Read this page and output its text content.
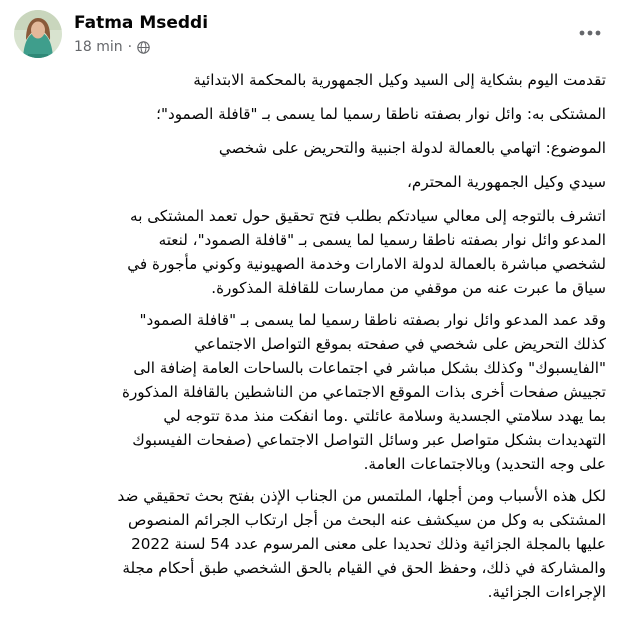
Fatma Mseddi
18 min ·
تقدمت اليوم بشكاية إلى السيد وكيل الجمهورية بالمحكمة الابتدائية
المشتكى به: وائل نوار بصفته ناطقا رسميا لما يسمى بـ "قافلة الصمود"؛
الموضوع: اتهامي بالعمالة لدولة اجنبية والتحريض على شخصي
سيدي وكيل الجمهورية المحترم،
اتشرف بالتوجه إلى معالي سيادتكم بطلب فتح تحقيق حول تعمد المشتكى به
المدعو وائل نوار بصفته ناطقا رسميا لما يسمى بـ "قافلة الصمود"، لنعته
لشخصي مباشرة بالعمالة لدولة الامارات وخدمة الصهيونية وكوني مأجورة في
سياق ما عبرت عنه من موقفي من ممارسات للقافلة المذكورة.
وقد عمد المدعو وائل نوار بصفته ناطقا رسميا لما يسمى بـ "قافلة الصمود"
كذلك التحريض على شخصي في صفحته بموقع التواصل الاجتماعي
"الفايسبوك" وكذلك بشكل مباشر في اجتماعات بالساحات العامة إضافة الى
تجييش صفحات أخرى بذات الموقع الاجتماعي من الناشطين بالقافلة المذكورة
بما يهدد سلامتي الجسدية وسلامة عائلتي .وما انفكت منذ مدة تتوجه لي
التهديدات بشكل متواصل عبر وسائل التواصل الاجتماعي (صفحات الفيسبوك
على وجه التحديد) وبالاجتماعات العامة.
لكل هذه الأسباب ومن أجلها، الملتمس من الجناب الإذن بفتح بحث تحقيقي ضد
المشتكى به وكل من سيكشف عنه البحث من أجل ارتكاب الجرائم المنصوص
عليها بالمجلة الجزائية وذلك تحديدا على معنى المرسوم عدد 54 لسنة 2022
والمشاركة في ذلك، وحفظ الحق في القيام بالحق الشخصي طبق أحكام مجلة
الإجراءات الجزائية.
